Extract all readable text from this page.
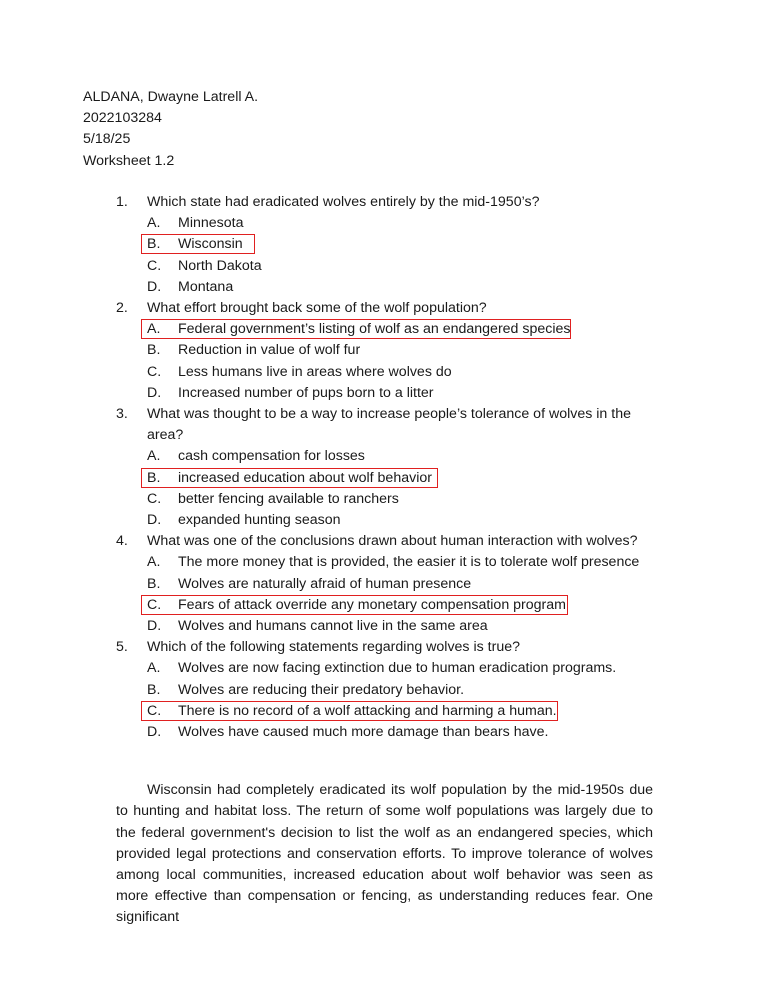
ALDANA, Dwayne Latrell A.
2022103284
5/18/25
Worksheet 1.2
1.	Which state had eradicated wolves entirely by the mid-1950’s?
A.	Minnesota
B.	Wisconsin
C.	North Dakota
D.	Montana
2.	What effort brought back some of the wolf population?
A.	Federal government’s listing of wolf as an endangered species
B.	Reduction in value of wolf fur
C.	Less humans live in areas where wolves do
D.	Increased number of pups born to a litter
3.	What was thought to be a way to increase people’s tolerance of wolves in the area?
A.	cash compensation for losses
B.	increased education about wolf behavior
C.	better fencing available to ranchers
D.	expanded hunting season
4.	What was one of the conclusions drawn about human interaction with wolves?
A.	The more money that is provided, the easier it is to tolerate wolf presence
B.	Wolves are naturally afraid of human presence
C.	Fears of attack override any monetary compensation program
D.	Wolves and humans cannot live in the same area
5.	Which of the following statements regarding wolves is true?
A.	Wolves are now facing extinction due to human eradication programs.
B.	Wolves are reducing their predatory behavior.
C.	There is no record of a wolf attacking and harming a human.
D.	Wolves have caused much more damage than bears have.

Wisconsin had completely eradicated its wolf population by the mid-1950s due to hunting and habitat loss. The return of some wolf populations was largely due to the federal government's decision to list the wolf as an endangered species, which provided legal protections and conservation efforts. To improve tolerance of wolves among local communities, increased education about wolf behavior was seen as more effective than compensation or fencing, as understanding reduces fear. One significant
